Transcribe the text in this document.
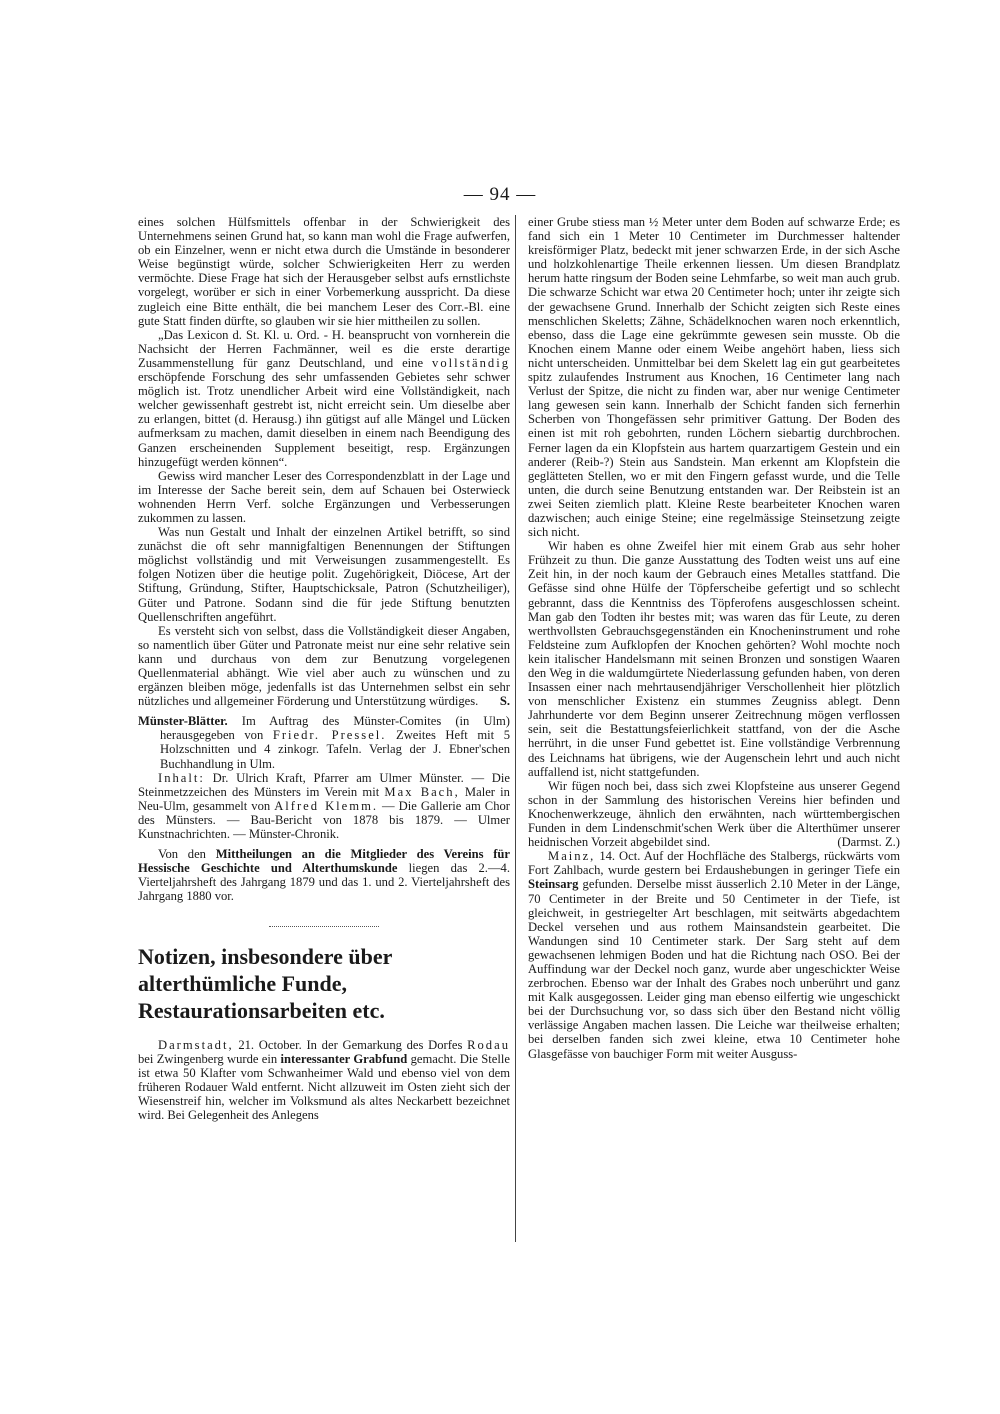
— 94 —

eines solchen Hülfsmittels offenbar in der Schwierigkeit des Unternehmens seinen Grund hat, so kann man wohl die Frage aufwerfen, ob ein Einzelner, wenn er nicht etwa durch die Umstände in besonderer Weise begünstigt würde, solcher Schwierigkeiten Herr zu werden vermöchte. Diese Frage hat sich der Herausgeber selbst aufs ernstlichste vorgelegt, worüber er sich in einer Vorbemerkung ausspricht. Da diese zugleich eine Bitte enthält, die bei manchem Leser des Corr.-Bl. eine gute Statt finden dürfte, so glauben wir sie hier mittheilen zu sollen.

„Das Lexicon d. St. Kl. u. Ord. - H. beansprucht von vornherein die Nachsicht der Herren Fachmänner, weil es die erste derartige Zusammenstellung für ganz Deutschland, und eine vollständig erschöpfende Forschung des sehr umfassenden Gebietes sehr schwer möglich ist. Trotz unendlicher Arbeit wird eine Vollständigkeit, nach welcher gewissenhaft gestrebt ist, nicht erreicht sein. Um dieselbe aber zu erlangen, bittet (d. Herausg.) ihn gütigst auf alle Mängel und Lücken aufmerksam zu machen, damit dieselben in einem nach Beendigung des Ganzen erscheinenden Supplement beseitigt, resp. Ergänzungen hinzugefügt werden können“.

Gewiss wird mancher Leser des Correspondenzblatt in der Lage und im Interesse der Sache bereit sein, dem auf Schauen bei Osterwieck wohnenden Herrn Verf. solche Ergänzungen und Verbesserungen zukommen zu lassen.

Was nun Gestalt und Inhalt der einzelnen Artikel betrifft, so sind zunächst die oft sehr mannigfaltigen Benennungen der Stiftungen möglichst vollständig und mit Verweisungen zusammengestellt. Es folgen Notizen über die heutige polit. Zugehörigkeit, Diöcese, Art der Stiftung, Gründung, Stifter, Hauptschicksale, Patron (Schutzheiliger), Güter und Patrone. Sodann sind die für jede Stiftung benutzten Quellenschriften angeführt.

Es versteht sich von selbst, dass die Vollständigkeit dieser Angaben, so namentlich über Güter und Patronate meist nur eine sehr relative sein kann und durchaus von dem zur Benutzung vorgelegenen Quellenmaterial abhängt. Wie viel aber auch zu wünschen und zu ergänzen bleiben möge, jedenfalls ist das Unternehmen selbst ein sehr nützliches und allgemeiner Förderung und Unterstützung würdiges.	S.

Münster-Blätter. Im Auftrag des Münster-Comites (in Ulm) herausgegeben von Friedr. Pressel. Zweites Heft mit 5 Holzschnitten und 4 zinkogr. Tafeln. Verlag der J. Ebner'schen Buchhandlung in Ulm.

Inhalt: Dr. Ulrich Kraft, Pfarrer am Ulmer Münster. — Die Steinmetzzeichen des Münsters im Verein mit Max Bach, Maler in Neu-Ulm, gesammelt von Alfred Klemm. — Die Gallerie am Chor des Münsters. — Bau-Bericht von 1878 bis 1879. — Ulmer Kunstnachrichten. — Münster-Chronik.

Von den Mittheilungen an die Mitglieder des Vereins für Hessische Geschichte und Alterthumskunde liegen das 2.—4. Vierteljahrsheft des Jahrgang 1879 und das 1. und 2. Vierteljahrsheft des Jahrgang 1880 vor.

Notizen, insbesondere über alterthümliche Funde, Restaurationsarbeiten etc.

Darmstadt, 21. October. In der Gemarkung des Dorfes Rodau bei Zwingenberg wurde ein interessanter Grabfund gemacht. Die Stelle ist etwa 50 Klafter vom Schwanheimer Wald und ebenso viel von dem früheren Rodauer Wald entfernt. Nicht allzuweit im Osten zieht sich der Wiesenstreif hin, welcher im Volksmund als altes Neckarbett bezeichnet wird. Bei Gelegenheit des Anlegens

einer Grube stiess man ½ Meter unter dem Boden auf schwarze Erde; es fand sich ein 1 Meter 10 Centimeter im Durchmesser haltender kreisförmiger Platz, bedeckt mit jener schwarzen Erde, in der sich Asche und holzkohlenartige Theile erkennen liessen. Um diesen Brandplatz herum hatte ringsum der Boden seine Lehmfarbe, so weit man auch grub. Die schwarze Schicht war etwa 20 Centimeter hoch; unter ihr zeigte sich der gewachsene Grund. Innerhalb der Schicht zeigten sich Reste eines menschlichen Skeletts; Zähne, Schädelknochen waren noch erkenntlich, ebenso, dass die Lage eine gekrümmte gewesen sein musste. Ob die Knochen einem Manne oder einem Weibe angehört haben, liess sich nicht unterscheiden. Unmittelbar bei dem Skelett lag ein gut gearbeitetes spitz zulaufendes Instrument aus Knochen, 16 Centimeter lang nach Verlust der Spitze, die nicht zu finden war, aber nur wenige Centimeter lang gewesen sein kann. Innerhalb der Schicht fanden sich fernerhin Scherben von Thongefässen sehr primitiver Gattung. Der Boden des einen ist mit roh gebohrten, runden Löchern siebartig durchbrochen. Ferner lagen da ein Klopfstein aus hartem quarzartigem Gestein und ein anderer (Reib-?) Stein aus Sandstein. Man erkennt am Klopfstein die geglätteten Stellen, wo er mit den Fingern gefasst wurde, und die Telle unten, die durch seine Benutzung entstanden war. Der Reibstein ist an zwei Seiten ziemlich platt. Kleine Reste bearbeiteter Knochen waren dazwischen; auch einige Steine; eine regelmässige Steinsetzung zeigte sich nicht.

Wir haben es ohne Zweifel hier mit einem Grab aus sehr hoher Frühzeit zu thun. Die ganze Ausstattung des Todten weist uns auf eine Zeit hin, in der noch kaum der Gebrauch eines Metalles stattfand. Die Gefässe sind ohne Hülfe der Töpferscheibe gefertigt und so schlecht gebrannt, dass die Kenntniss des Töpferofens ausgeschlossen scheint. Man gab den Todten ihr bestes mit; was waren das für Leute, zu deren werthvollsten Gebrauchsgegenständen ein Knocheninstrument und rohe Feldsteine zum Aufklopfen der Knochen gehörten? Wohl mochte noch kein italischer Handelsmann mit seinen Bronzen und sonstigen Waaren den Weg in die waldumgürtete Niederlassung gefunden haben, von deren Insassen einer nach mehrtausendjähriger Verschollenheit hier plötzlich von menschlicher Existenz ein stummes Zeugniss ablegt. Denn Jahrhunderte vor dem Beginn unserer Zeitrechnung mögen verflossen sein, seit die Bestattungsfeierlichkeit stattfand, von der die Asche herrührt, in die unser Fund gebettet ist. Eine vollständige Verbrennung des Leichnams hat übrigens, wie der Augenschein lehrt und auch nicht auffallend ist, nicht stattgefunden.

Wir fügen noch bei, dass sich zwei Klopfsteine aus unserer Gegend schon in der Sammlung des historischen Vereins hier befinden und Knochenwerkzeuge, ähnlich den erwähnten, nach württembergischen Funden in dem Lindenschmit'schen Werk über die Alterthümer unserer heidnischen Vorzeit abgebildet sind.	(Darmst. Z.)

Mainz, 14. Oct. Auf der Hochfläche des Stalbergs, rückwärts vom Fort Zahlbach, wurde gestern bei Erdaushebungen in geringer Tiefe ein Steinsarg gefunden. Derselbe misst äusserlich 2.10 Meter in der Länge, 70 Centimeter in der Breite und 50 Centimeter in der Tiefe, ist gleichweit, in gestriegelter Art beschlagen, mit seitwärts abgedachtem Deckel versehen und aus rothem Mainsandstein gearbeitet. Die Wandungen sind 10 Centimeter stark. Der Sarg steht auf dem gewachsenen lehmigen Boden und hat die Richtung nach OSO. Bei der Auffindung war der Deckel noch ganz, wurde aber ungeschickter Weise zerbrochen. Ebenso war der Inhalt des Grabes noch unberührt und ganz mit Kalk ausgegossen. Leider ging man ebenso eilfertig wie ungeschickt bei der Durchsuchung vor, so dass sich über den Bestand nicht völlig verlässige Angaben machen lassen. Die Leiche war theilweise erhalten; bei derselben fanden sich zwei kleine, etwa 10 Centimeter hohe Glasgefässe von bauchiger Form mit weiter Ausguss-
